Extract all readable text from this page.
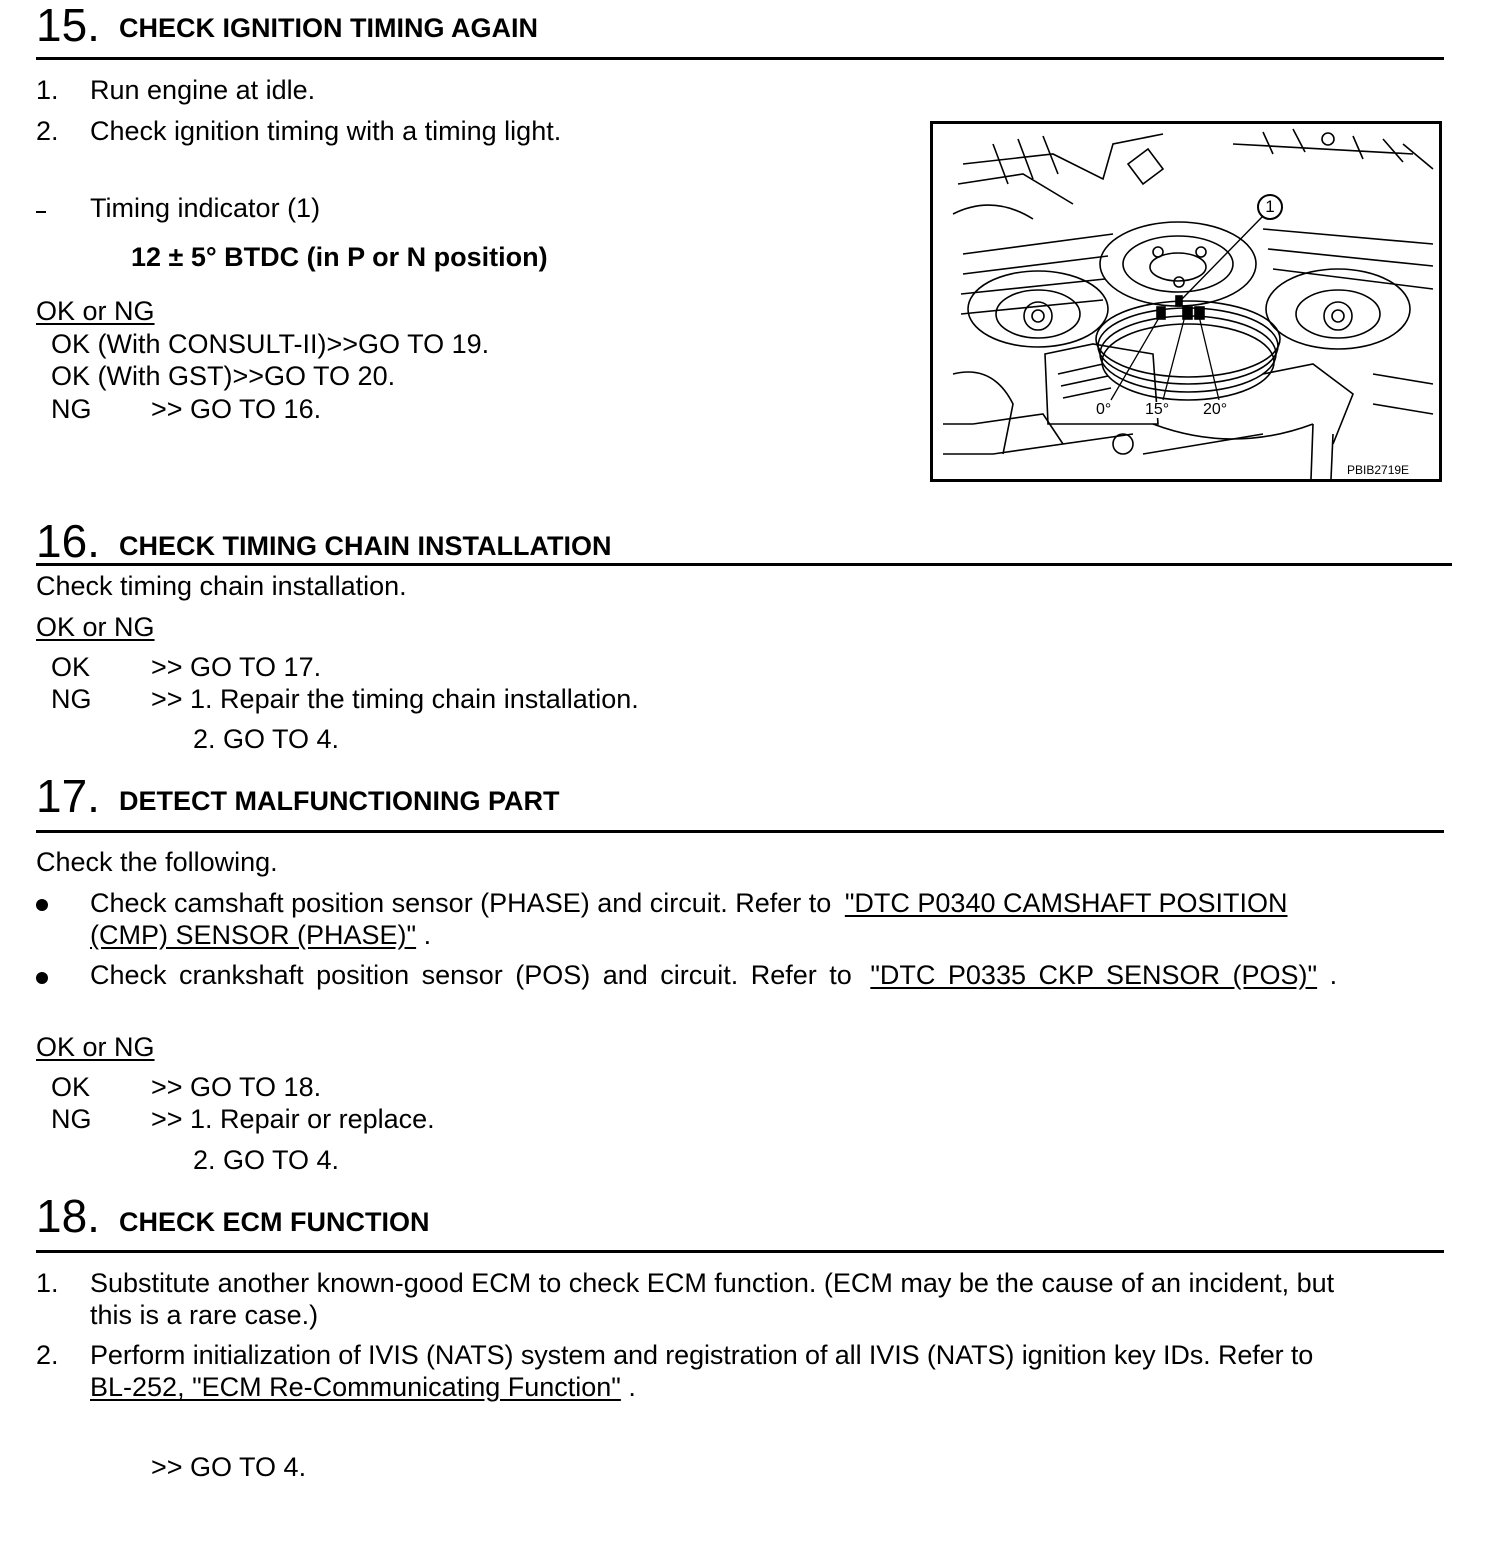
15. CHECK IGNITION TIMING AGAIN
1. Run engine at idle.
2. Check ignition timing with a timing light.
Timing indicator (1)
12 ± 5° BTDC (in P or N position)
OK or NG
OK (With CONSULT-II)>>GO TO 19.
OK (With GST)>>GO TO 20.
NG >> GO TO 16.
1
0° 15° 20°
PBIB2719E
16. CHECK TIMING CHAIN INSTALLATION
Check timing chain installation.
OK or NG
OK >> GO TO 17.
NG >> 1. Repair the timing chain installation.
2. GO TO 4.
17. DETECT MALFUNCTIONING PART
Check the following.
Check camshaft position sensor (PHASE) and circuit. Refer to "DTC P0340 CAMSHAFT POSITION
(CMP) SENSOR (PHASE)" .
Check crankshaft position sensor (POS) and circuit. Refer to "DTC P0335 CKP SENSOR (POS)" .
OK or NG
OK >> GO TO 18.
NG >> 1. Repair or replace.
2. GO TO 4.
18. CHECK ECM FUNCTION
1. Substitute another known-good ECM to check ECM function. (ECM may be the cause of an incident, but
this is a rare case.)
2. Perform initialization of IVIS (NATS) system and registration of all IVIS (NATS) ignition key IDs. Refer to
BL-252, "ECM Re-Communicating Function" .
>> GO TO 4.
